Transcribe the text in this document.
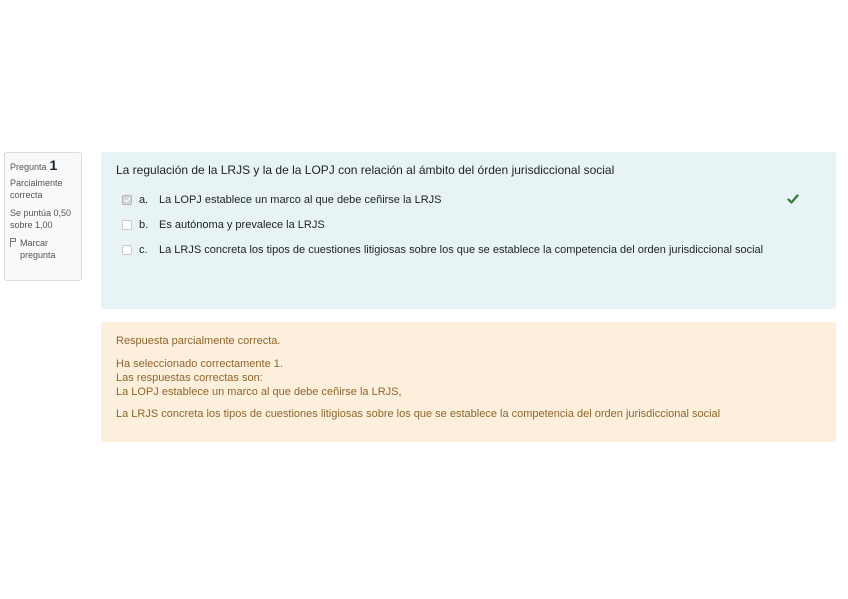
Pregunta 1
Parcialmente correcta
Se puntúa 0,50 sobre 1,00
Marcar pregunta
La regulación de la LRJS y la de la LOPJ con relación al ámbito del órden jurisdiccional social
a. La LOPJ establece un marco al que debe ceñirse la LRJS
b. Es autónoma y prevalece la LRJS
c.	La LRJS concreta los tipos de cuestiones litigiosas sobre los que se establece la competencia del orden jurisdiccional social
Respuesta parcialmente correcta.
Ha seleccionado correctamente 1.
Las respuestas correctas son:
La LOPJ establece un marco al que debe ceñirse la LRJS,
La LRJS concreta los tipos de cuestiones litigiosas sobre los que se establece la competencia del orden jurisdiccional social
